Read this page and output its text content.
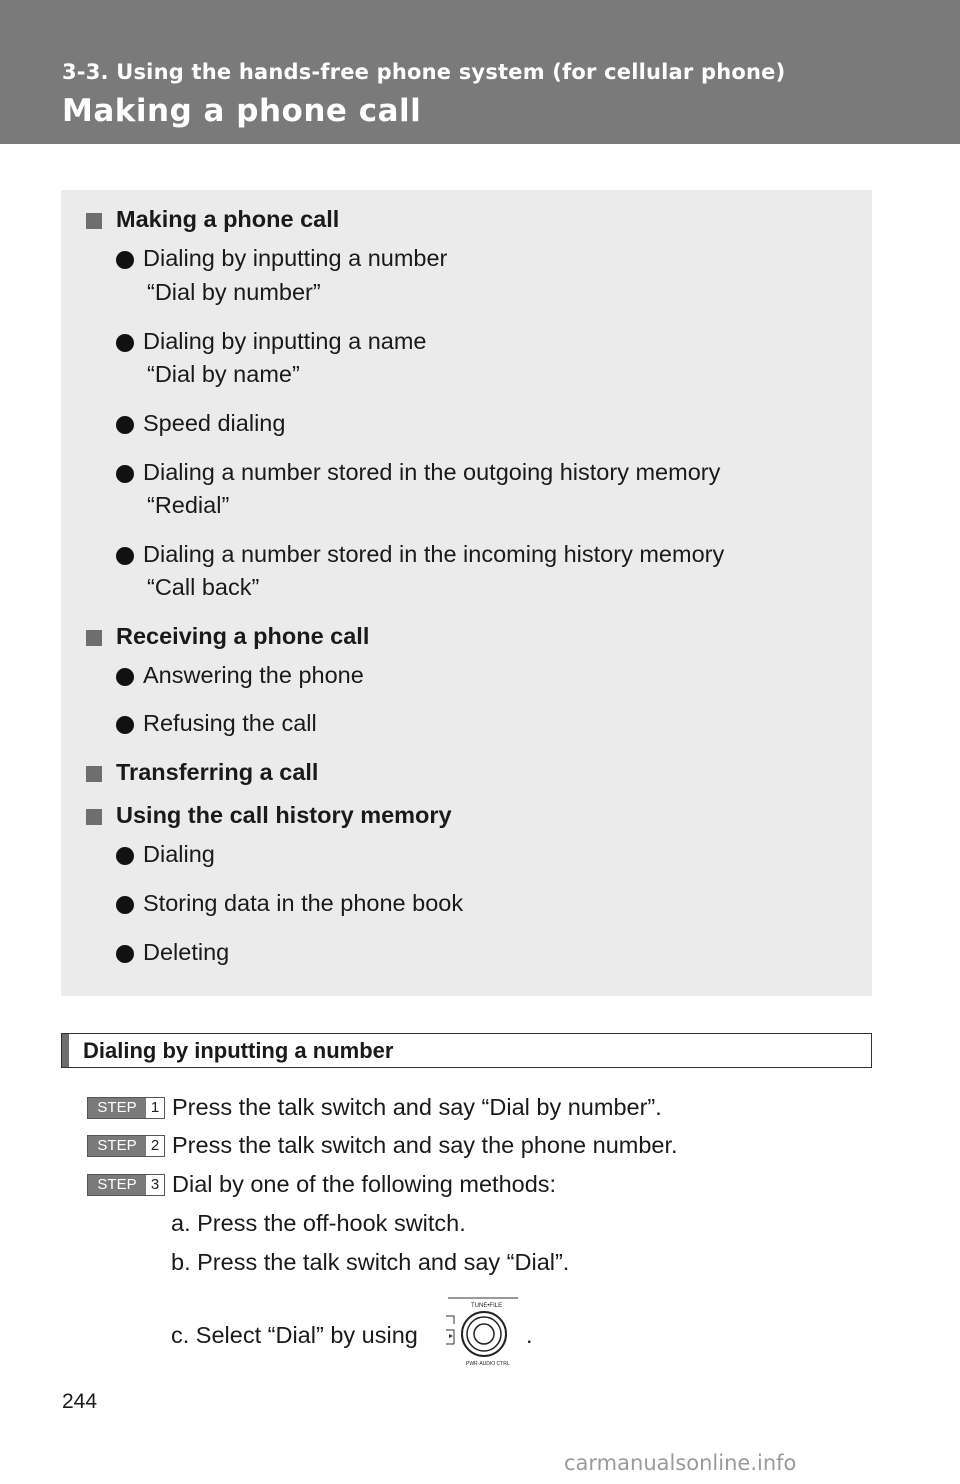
3-3. Using the hands-free phone system (for cellular phone)
Making a phone call
Making a phone call
Dialing by inputting a number
“Dial by number”
Dialing by inputting a name
“Dial by name”
Speed dialing
Dialing a number stored in the outgoing history memory
“Redial”
Dialing a number stored in the incoming history memory
“Call back”
Receiving a phone call
Answering the phone
Refusing the call
Transferring a call
Using the call history memory
Dialing
Storing data in the phone book
Deleting
Dialing by inputting a number
STEP 1 Press the talk switch and say “Dial by number”.
STEP 2 Press the talk switch and say the phone number.
STEP 3 Dial by one of the following methods:
a. Press the off-hook switch.
b. Press the talk switch and say “Dial”.
c. Select “Dial” by using	.
TUNE•FILE
PWR·AUDIO CTRL
244
carmanualsonline.info
